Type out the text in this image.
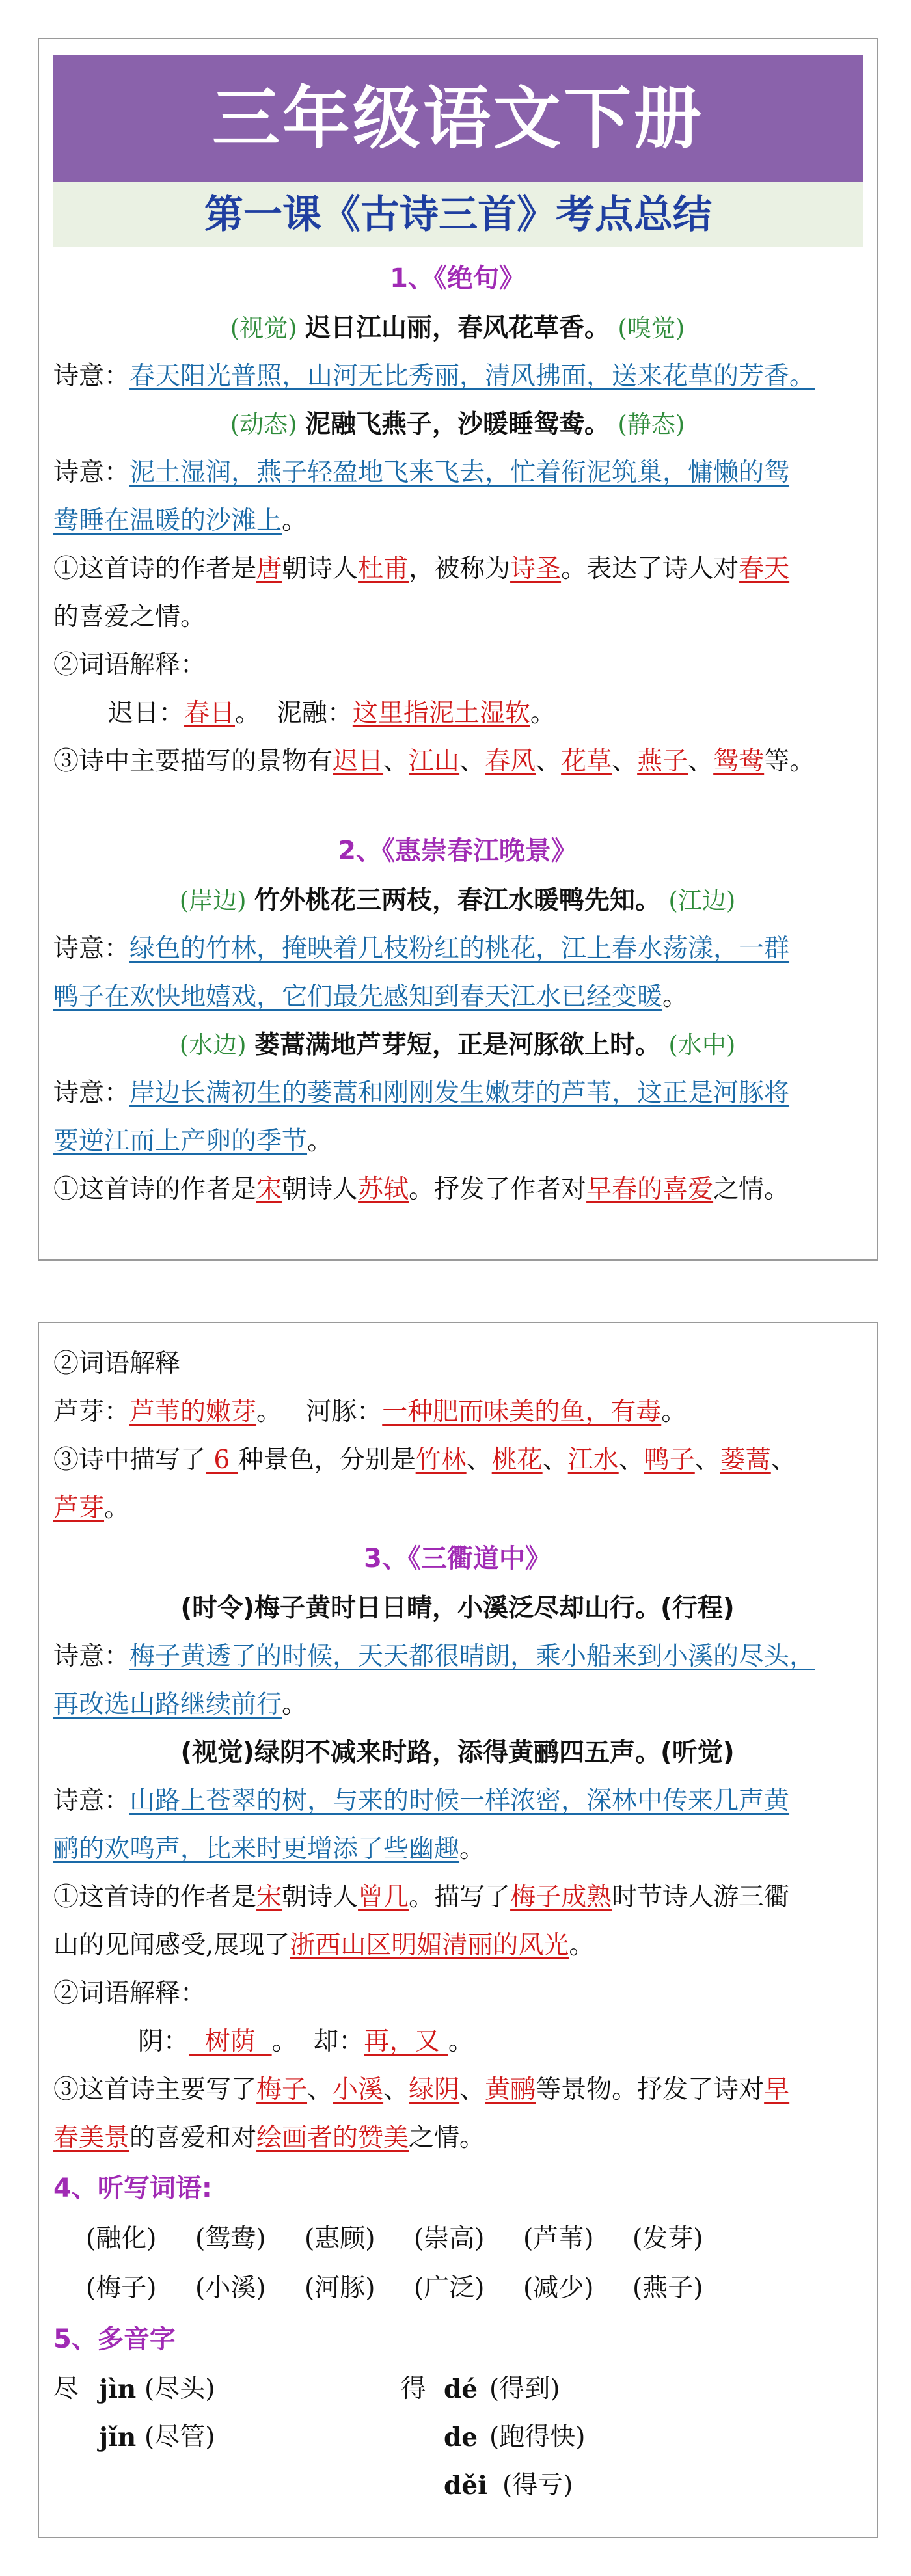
三年级语文下册
第一课《古诗三首》考点总结
1、《绝句》
(视觉) 迟日江山丽，春风花草香。 (嗅觉)
诗意：春天阳光普照，山河无比秀丽，清风拂面，送来花草的芳香。
(动态) 泥融飞燕子，沙暖睡鸳鸯。 (静态)
诗意：泥土湿润，燕子轻盈地飞来飞去，忙着衔泥筑巢，慵懒的鸳
鸯睡在温暖的沙滩上。
①这首诗的作者是唐朝诗人杜甫，被称为诗圣。表达了诗人对春天
的喜爱之情。
②词语解释：
迟日：春日。  泥融：这里指泥土湿软。
③诗中主要描写的景物有迟日、江山、春风、花草、燕子、鸳鸯等。
2、《惠崇春江晚景》
(岸边) 竹外桃花三两枝，春江水暖鸭先知。 (江边)
诗意：绿色的竹林，掩映着几枝粉红的桃花，江上春水荡漾，一群
鸭子在欢快地嬉戏，它们最先感知到春天江水已经变暖。
(水边) 蒌蒿满地芦芽短，正是河豚欲上时。 (水中)
诗意：岸边长满初生的蒌蒿和刚刚发生嫩芽的芦苇，这正是河豚将
要逆江而上产卵的季节。
①这首诗的作者是宋朝诗人苏轼。抒发了作者对早春的喜爱之情。
②词语解释
芦芽：芦苇的嫩芽。   河豚：一种肥而味美的鱼，有毒。
③诗中描写了 6 种景色，分别是竹林、桃花、江水、鸭子、蒌蒿、
芦芽。
3、《三衢道中》
(时令)梅子黄时日日晴，小溪泛尽却山行。(行程)
诗意：梅子黄透了的时候，天天都很晴朗，乘小船来到小溪的尽头，
再改选山路继续前行。
(视觉)绿阴不减来时路，添得黄鹂四五声。(听觉)
诗意：山路上苍翠的树，与来的时候一样浓密，深林中传来几声黄
鹂的欢鸣声，比来时更增添了些幽趣。
①这首诗的作者是宋朝诗人曾几。描写了梅子成熟时节诗人游三衢
山的见闻感受,展现了浙西山区明媚清丽的风光。
②词语解释：
阴：  树荫  。  却：再，又 。
③这首诗主要写了梅子、小溪、绿阴、黄鹂等景物。抒发了诗对早
春美景的喜爱和对绘画者的赞美之情。
4、听写词语:
(融化) (鸳鸯) (惠顾) (崇高) (芦苇) (发芽)
(梅子) (小溪) (河豚) (广泛) (减少) (燕子)
5、多音字
尽 jìn (尽头)	得 dé (得到)
jǐn (尽管)	de (跑得快)
děi (得亏)
